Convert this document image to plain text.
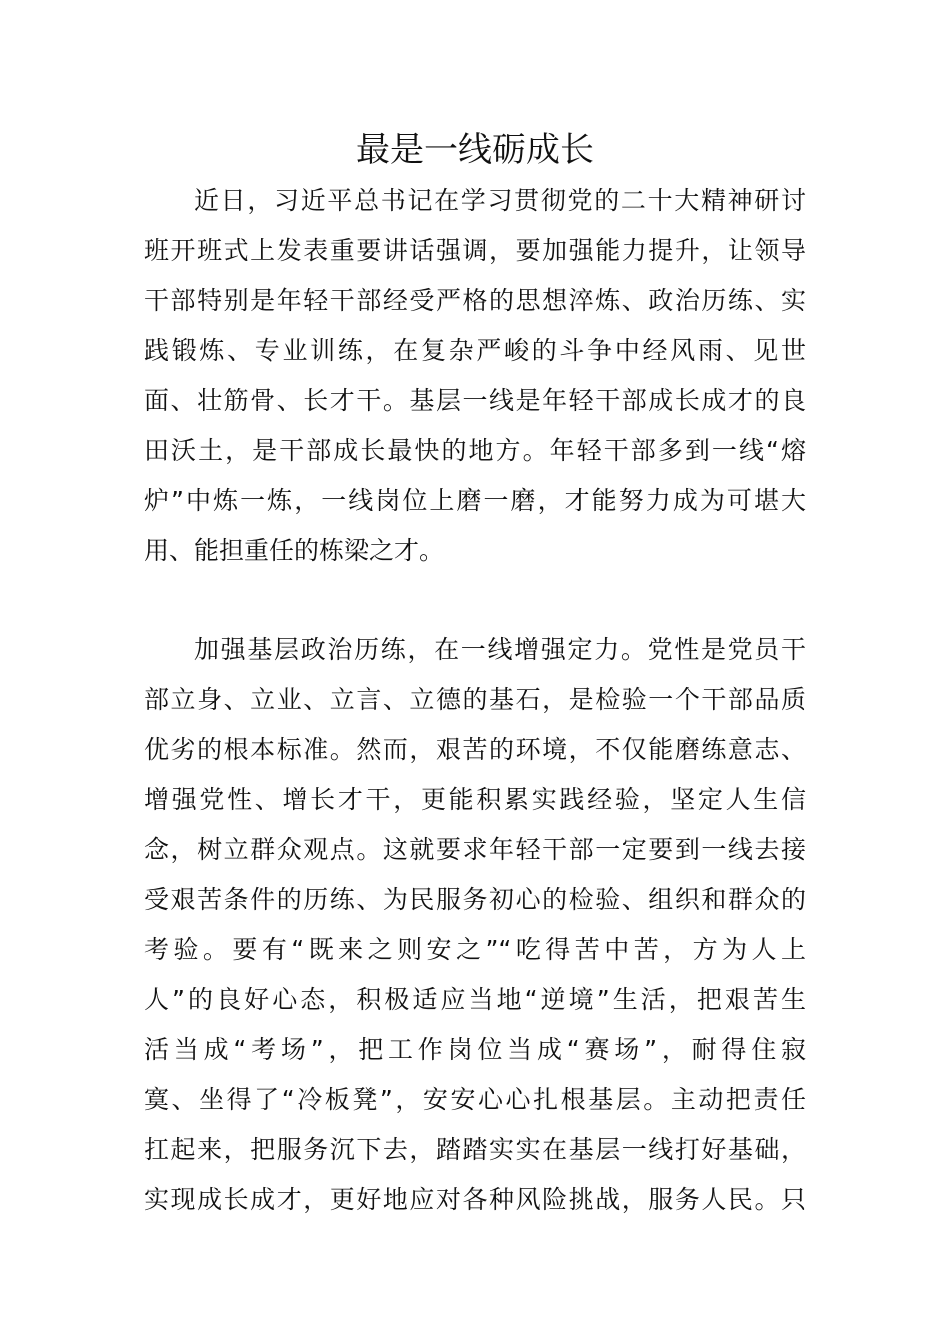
最是一线砺成长

近日，习近平总书记在学习贯彻党的二十大精神研讨

班开班式上发表重要讲话强调，要加强能力提升，让领导

干部特别是年轻干部经受严格的思想淬炼、政治历练、实

践锻炼、专业训练，在复杂严峻的斗争中经风雨、见世

面、壮筋骨、长才干。基层一线是年轻干部成长成才的良

田沃土，是干部成长最快的地方。年轻干部多到一线“熔

炉”中炼一炼，一线岗位上磨一磨，才能努力成为可堪大

用、能担重任的栋梁之才。

加强基层政治历练，在一线增强定力。党性是党员干

部立身、立业、立言、立德的基石，是检验一个干部品质

优劣的根本标准。然而，艰苦的环境，不仅能磨练意志、

增强党性、增长才干，更能积累实践经验，坚定人生信

念，树立群众观点。这就要求年轻干部一定要到一线去接

受艰苦条件的历练、为民服务初心的检验、组织和群众的

考验。要有“既来之则安之”“吃得苦中苦，方为人上

人”的良好心态，积极适应当地“逆境”生活，把艰苦生

活当成“考场”，把工作岗位当成“赛场”，耐得住寂

寞、坐得了“冷板凳”，安安心心扎根基层。主动把责任

扛起来，把服务沉下去，踏踏实实在基层一线打好基础，

实现成长成才，更好地应对各种风险挑战，服务人民。只
